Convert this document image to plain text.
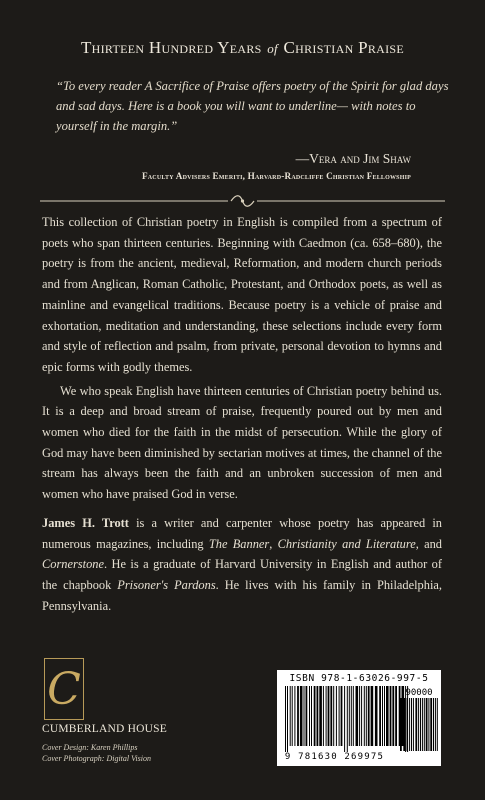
Thirteen Hundred Years of Christian Praise
“To every reader A Sacrifice of Praise offers poetry of the Spirit for glad days and sad days. Here is a book you will want to underline— with notes to yourself in the margin.”
—Vera and Jim Shaw
Faculty Advisers Emeriti, Harvard-Radcliffe Christian Fellowship

This collection of Christian poetry in English is compiled from a spectrum of poets who span thirteen centuries. Beginning with Caedmon (ca. 658–680), the poetry is from the ancient, medieval, Reformation, and modern church periods and from Anglican, Roman Catholic, Protestant, and Orthodox poets, as well as mainline and evangelical traditions. Because poetry is a vehicle of praise and exhortation, meditation and understanding, these selections include every form and style of reflection and psalm, from private, personal devotion to hymns and epic forms with godly themes.

We who speak English have thirteen centuries of Christian poetry behind us. It is a deep and broad stream of praise, frequently poured out by men and women who died for the faith in the midst of persecution. While the glory of God may have been diminished by sectarian motives at times, the channel of the stream has always been the faith and an unbroken succession of men and women who have praised God in verse.

James H. Trott is a writer and carpenter whose poetry has appeared in numerous magazines, including The Banner, Christianity and Literature, and Cornerstone. He is a graduate of Harvard University in English and author of the chapbook Prisoner's Pardons. He lives with his family in Philadelphia, Pennsylvania.

C
CUMBERLAND HOUSE
Cover Design: Karen Phillips
Cover Photograph: Digital Vision
ISBN 978-1-63026-997-5
90000
9 781630 269975
